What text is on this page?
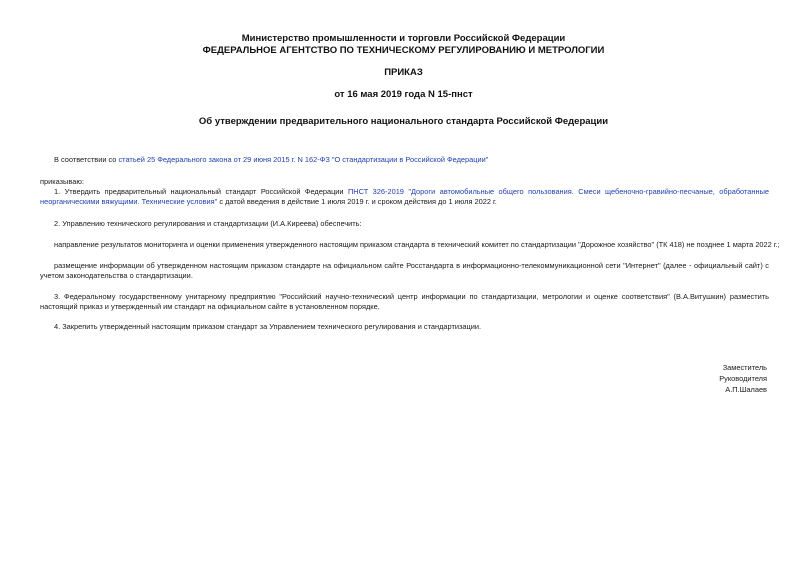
Министерство промышленности и торговли Российской Федерации
ФЕДЕРАЛЬНОЕ АГЕНТСТВО ПО ТЕХНИЧЕСКОМУ РЕГУЛИРОВАНИЮ И МЕТРОЛОГИИ
ПРИКАЗ
от 16 мая 2019 года N 15-пнст
Об утверждении предварительного национального стандарта Российской Федерации
В соответствии со статьей 25 Федерального закона от 29 июня 2015 г. N 162-ФЗ "О стандартизации в Российской Федерации"
приказываю:
1. Утвердить предварительный национальный стандарт Российской Федерации ПНСТ 326-2019 "Дороги автомобильные общего пользования. Смеси щебеночно-гравийно-песчаные, обработанные неорганическими вяжущими. Технические условия" с датой введения в действие 1 июля 2019 г. и сроком действия до 1 июля 2022 г.
2. Управлению технического регулирования и стандартизации (И.А.Киреева) обеспечить:
направление результатов мониторинга и оценки применения утвержденного настоящим приказом стандарта в технический комитет по стандартизации "Дорожное хозяйство" (ТК 418) не позднее 1 марта 2022 г.;
размещение информации об утвержденном настоящим приказом стандарте на официальном сайте Росстандарта в информационно-телекоммуникационной сети "Интернет" (далее - официальный сайт) с учетом законодательства о стандартизации.
3. Федеральному государственному унитарному предприятию "Российский научно-технический центр информации по стандартизации, метрологии и оценке соответствия" (В.А.Витушкин) разместить настоящий приказ и утвержденный им стандарт на официальном сайте в установленном порядке.
4. Закрепить утвержденный настоящим приказом стандарт за Управлением технического регулирования и стандартизации.
Заместитель
Руководителя
А.П.Шалаев
